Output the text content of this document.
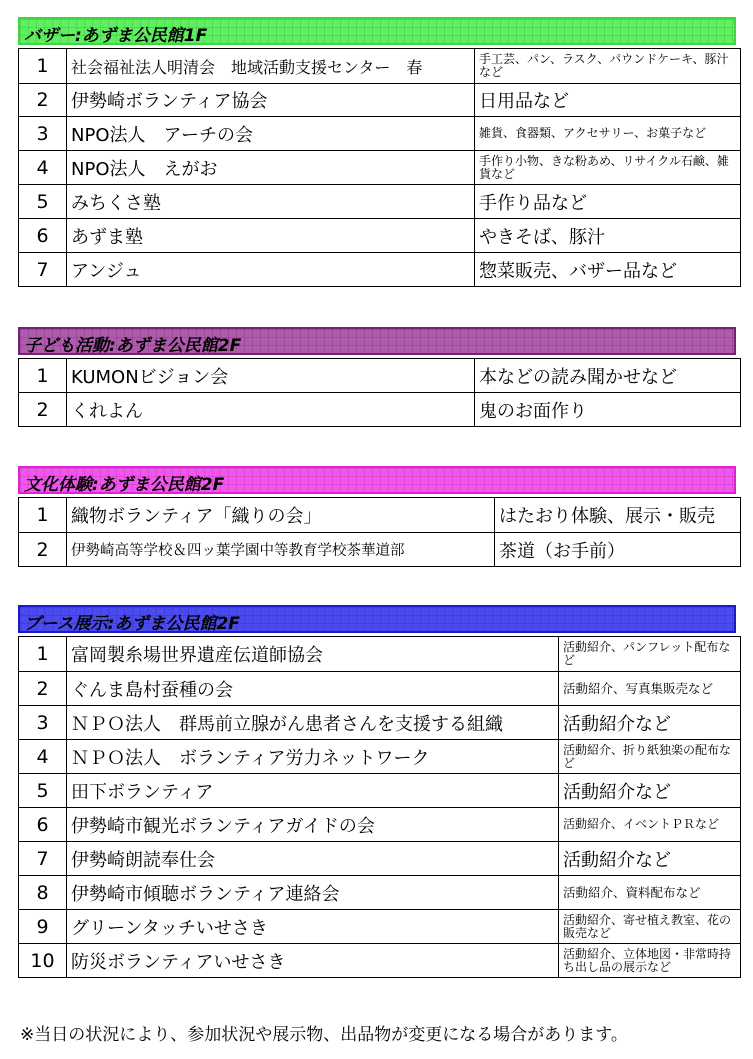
バザー:あずま公民館1F
1	社会福祉法人明清会　地域活動支援センター　春	手工芸、パン、ラスク、パウンドケーキ、豚汁など
2	伊勢崎ボランティア協会	日用品など
3	NPO法人　アーチの会	雑貨、食器類、アクセサリー、お菓子など
4	NPO法人　えがお	手作り小物、きな粉あめ、リサイクル石鹸、雑貨など
5	みちくさ塾	手作り品など
6	あずま塾	やきそば、豚汁
7	アンジュ	惣菜販売、バザー品など
子ども活動:あずま公民館2F
1	KUMONビジョン会	本などの読み聞かせなど
2	くれよん	鬼のお面作り
文化体験:あずま公民館2F
1	織物ボランティア「織りの会」	はたおり体験、展示・販売
2	伊勢崎高等学校＆四ッ葉学園中等教育学校茶華道部	茶道（お手前）
ブース展示:あずま公民館2F
1	富岡製糸場世界遺産伝道師協会	活動紹介、パンフレット配布など
2	ぐんま島村蚕種の会	活動紹介、写真集販売など
3	ＮＰＯ法人　群馬前立腺がん患者さんを支援する組織	活動紹介など
4	ＮＰＯ法人　ボランティア労力ネットワーク	活動紹介、折り紙独楽の配布など
5	田下ボランティア	活動紹介など
6	伊勢崎市観光ボランティアガイドの会	活動紹介、イベントＰＲなど
7	伊勢崎朗読奉仕会	活動紹介など
8	伊勢崎市傾聴ボランティア連絡会	活動紹介、資料配布など
9	グリーンタッチいせさき	活動紹介、寄せ植え教室、花の販売など
10	防災ボランティアいせさき	活動紹介、立体地図・非常時持ち出し品の展示など
※当日の状況により、参加状況や展示物、出品物が変更になる場合があります。
